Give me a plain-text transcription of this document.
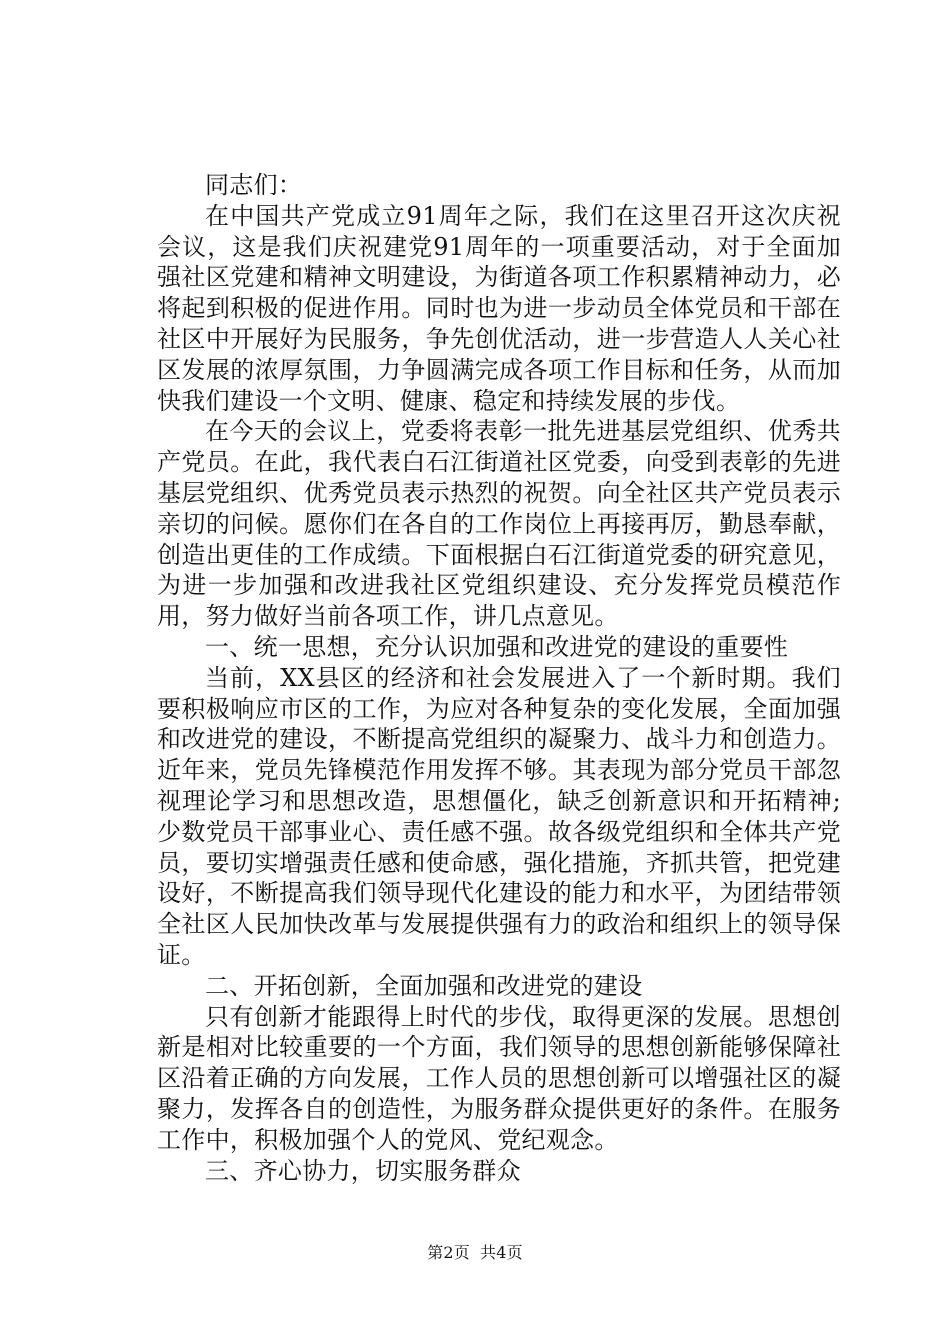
同志们：

在中国共产党成立91周年之际，我们在这里召开这次庆祝会议，这是我们庆祝建党91周年的一项重要活动，对于全面加强社区党建和精神文明建设，为街道各项工作积累精神动力，必将起到积极的促进作用。同时也为进一步动员全体党员和干部在社区中开展好为民服务，争先创优活动，进一步营造人人关心社区发展的浓厚氛围，力争圆满完成各项工作目标和任务，从而加快我们建设一个文明、健康、稳定和持续发展的步伐。

在今天的会议上，党委将表彰一批先进基层党组织、优秀共产党员。在此，我代表白石江街道社区党委，向受到表彰的先进基层党组织、优秀党员表示热烈的祝贺。向全社区共产党员表示亲切的问候。愿你们在各自的工作岗位上再接再厉，勤恳奉献，创造出更佳的工作成绩。下面根据白石江街道党委的研究意见，为进一步加强和改进我社区党组织建设、充分发挥党员模范作用，努力做好当前各项工作，讲几点意见。

一、统一思想，充分认识加强和改进党的建设的重要性

当前，XX县区的经济和社会发展进入了一个新时期。我们要积极响应市区的工作，为应对各种复杂的变化发展，全面加强和改进党的建设，不断提高党组织的凝聚力、战斗力和创造力。近年来，党员先锋模范作用发挥不够。其表现为部分党员干部忽视理论学习和思想改造，思想僵化，缺乏创新意识和开拓精神;少数党员干部事业心、责任感不强。故各级党组织和全体共产党员，要切实增强责任感和使命感，强化措施，齐抓共管，把党建设好，不断提高我们领导现代化建设的能力和水平，为团结带领全社区人民加快改革与发展提供强有力的政治和组织上的领导保证。

二、开拓创新，全面加强和改进党的建设

只有创新才能跟得上时代的步伐，取得更深的发展。思想创新是相对比较重要的一个方面，我们领导的思想创新能够保障社区沿着正确的方向发展，工作人员的思想创新可以增强社区的凝聚力，发挥各自的创造性，为服务群众提供更好的条件。在服务工作中，积极加强个人的党风、党纪观念。

三、齐心协力，切实服务群众

第2页 共4页
